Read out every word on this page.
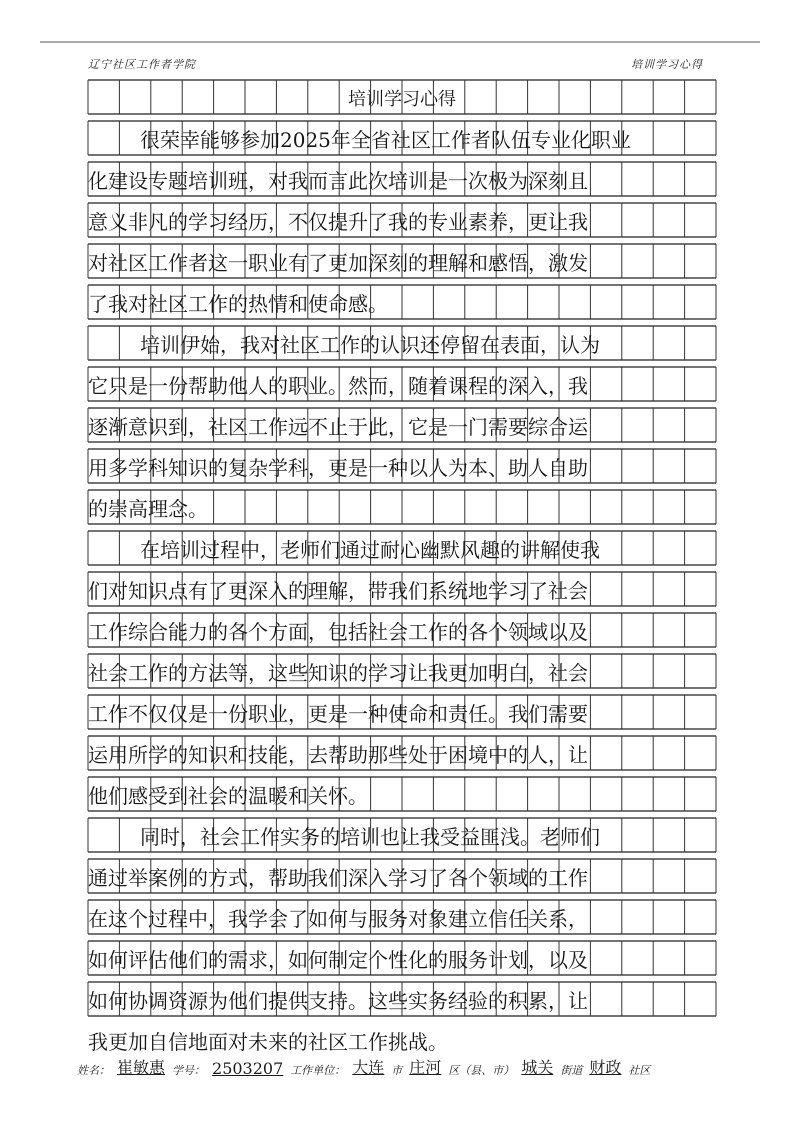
辽宁社区工作者学院	培训学习心得
培训学习心得
很荣幸能够参加2025年全省社区工作者队伍专业化职业
化建设专题培训班，对我而言此次培训是一次极为深刻且
意义非凡的学习经历，不仅提升了我的专业素养，更让我
对社区工作者这一职业有了更加深刻的理解和感悟，激发
了我对社区工作的热情和使命感。
培训伊始，我对社区工作的认识还停留在表面，认为
它只是一份帮助他人的职业。然而，随着课程的深入，我
逐渐意识到，社区工作远不止于此，它是一门需要综合运
用多学科知识的复杂学科，更是一种以人为本、助人自助
的崇高理念。
在培训过程中，老师们通过耐心幽默风趣的讲解使我
们对知识点有了更深入的理解，带我们系统地学习了社会
工作综合能力的各个方面，包括社会工作的各个领域以及
社会工作的方法等，这些知识的学习让我更加明白，社会
工作不仅仅是一份职业，更是一种使命和责任。我们需要
运用所学的知识和技能，去帮助那些处于困境中的人，让
他们感受到社会的温暖和关怀。
同时，社会工作实务的培训也让我受益匪浅。老师们
通过举案例的方式，帮助我们深入学习了各个领域的工作
在这个过程中，我学会了如何与服务对象建立信任关系，
如何评估他们的需求，如何制定个性化的服务计划，以及
如何协调资源为他们提供支持。这些实务经验的积累，让
我更加自信地面对未来的社区工作挑战。
姓名： 崔敏惠 学号： 2503207 工作单位： 大连 市 庄河 区（县、市） 城关 街道 财政 社区
